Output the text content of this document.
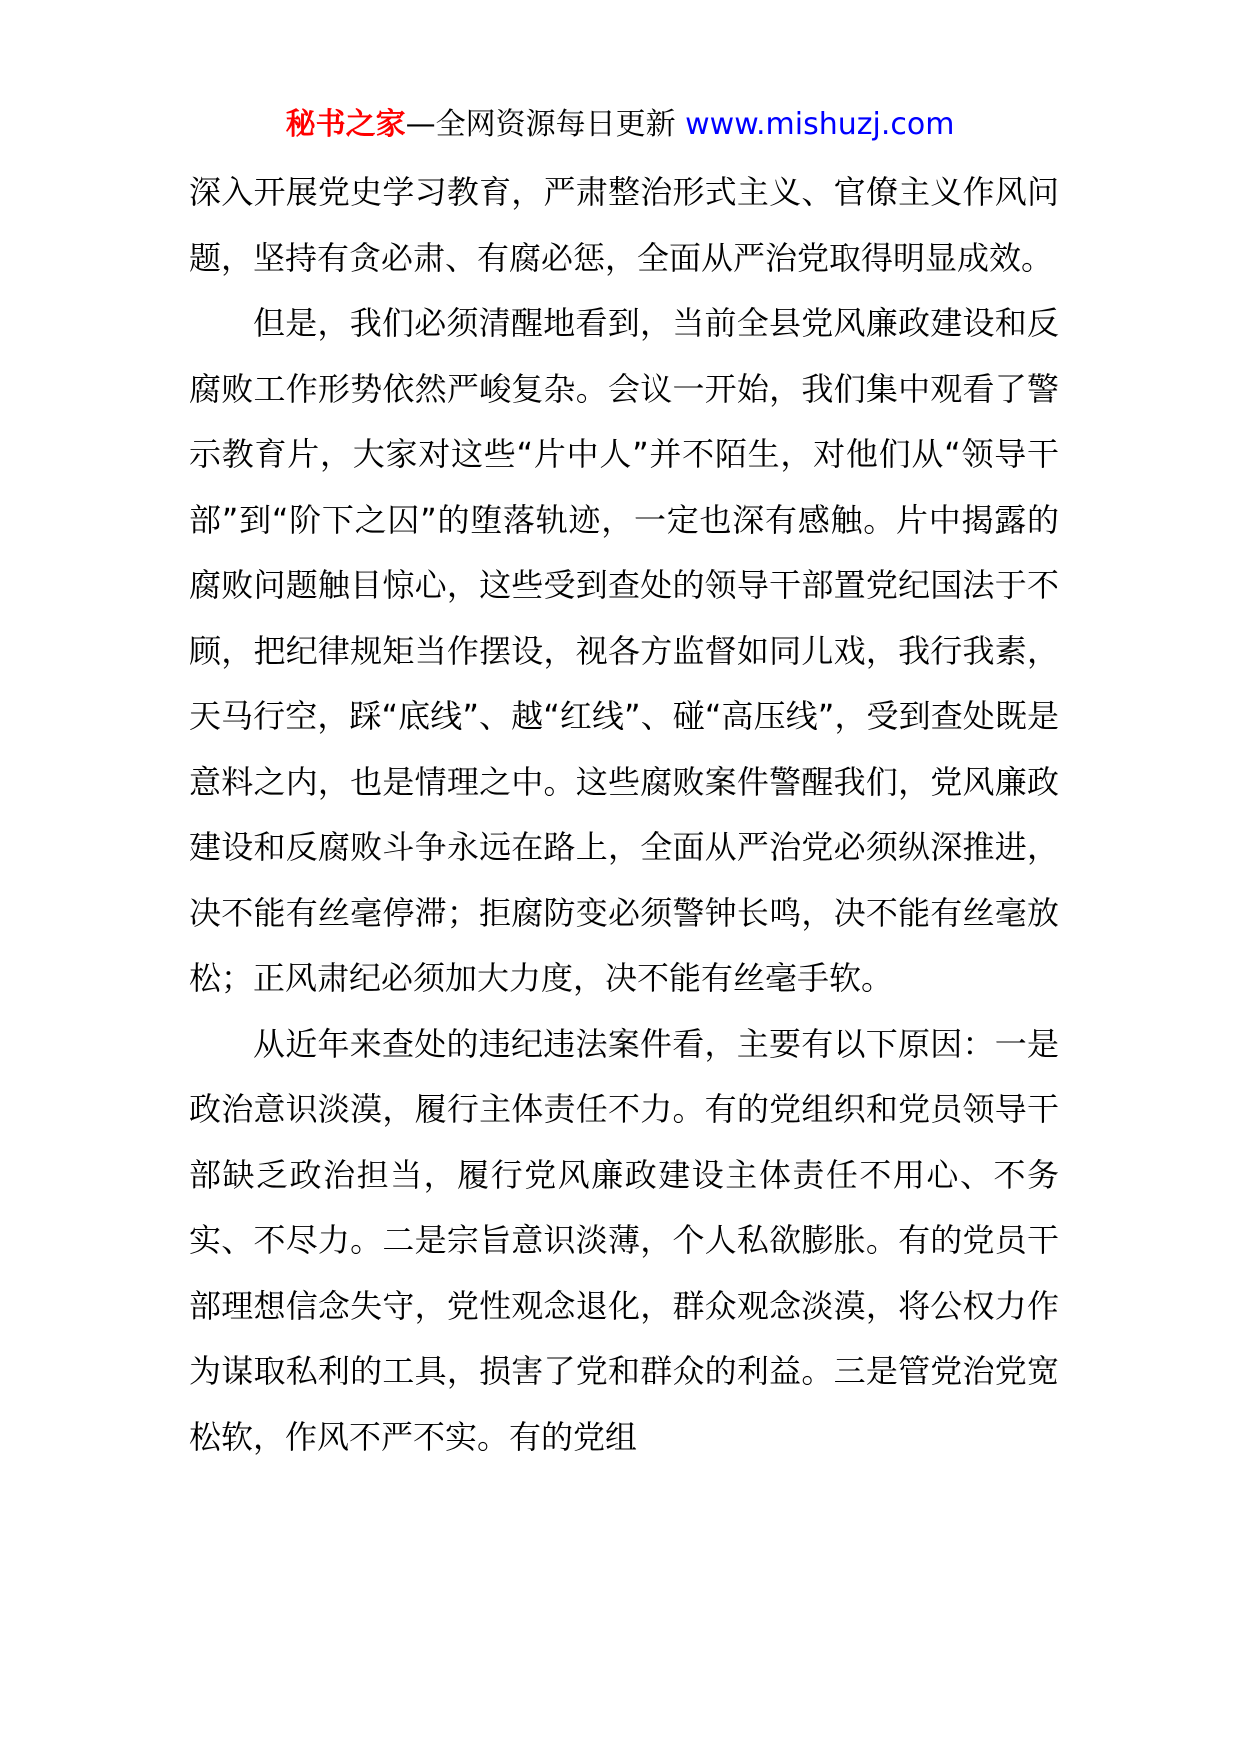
秘书之家—全网资源每日更新 www.mishuzj.com

深入开展党史学习教育，严肃整治形式主义、官僚主义作风问题，坚持有贪必肃、有腐必惩，全面从严治党取得明显成效。

但是，我们必须清醒地看到，当前全县党风廉政建设和反腐败工作形势依然严峻复杂。会议一开始，我们集中观看了警示教育片，大家对这些“片中人”并不陌生，对他们从“领导干部”到“阶下之囚”的堕落轨迹，一定也深有感触。片中揭露的腐败问题触目惊心，这些受到查处的领导干部置党纪国法于不顾，把纪律规矩当作摆设，视各方监督如同儿戏，我行我素，天马行空，踩“底线”、越“红线”、碰“高压线”，受到查处既是意料之内，也是情理之中。这些腐败案件警醒我们，党风廉政建设和反腐败斗争永远在路上，全面从严治党必须纵深推进，决不能有丝毫停滞；拒腐防变必须警钟长鸣，决不能有丝毫放松；正风肃纪必须加大力度，决不能有丝毫手软。

从近年来查处的违纪违法案件看，主要有以下原因：一是政治意识淡漠，履行主体责任不力。有的党组织和党员领导干部缺乏政治担当，履行党风廉政建设主体责任不用心、不务实、不尽力。二是宗旨意识淡薄，个人私欲膨胀。有的党员干部理想信念失守，党性观念退化，群众观念淡漠，将公权力作为谋取私利的工具，损害了党和群众的利益。三是管党治党宽松软，作风不严不实。有的党组
